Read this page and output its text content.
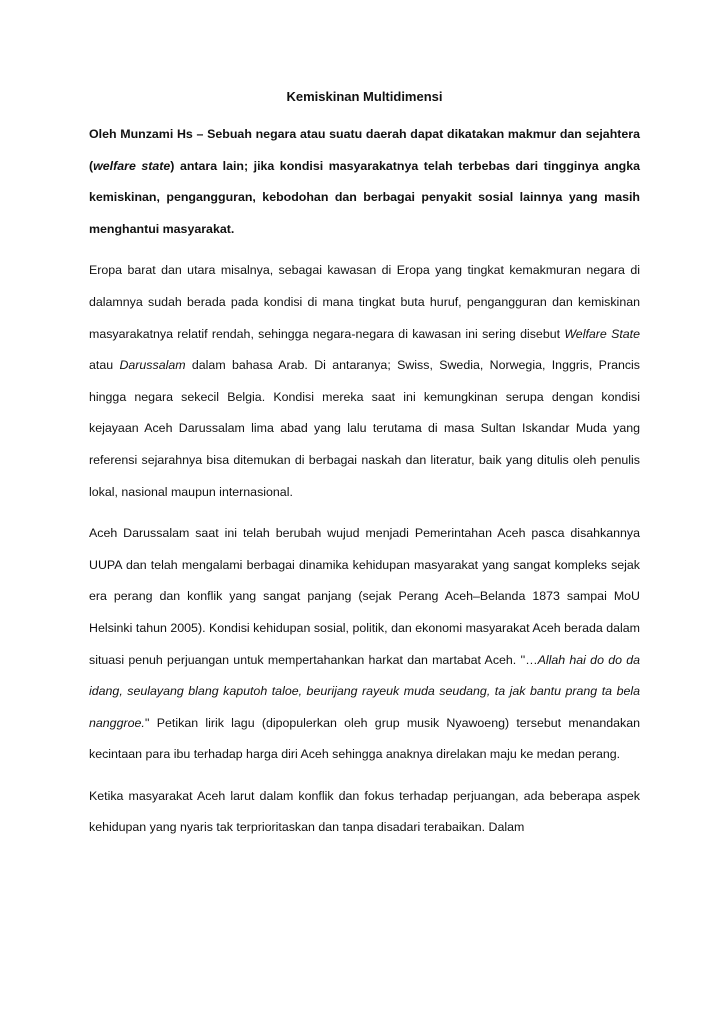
Kemiskinan Multidimensi

Oleh Munzami Hs – Sebuah negara atau suatu daerah dapat dikatakan makmur dan sejahtera (welfare state) antara lain; jika kondisi masyarakatnya telah terbebas dari tingginya angka kemiskinan, pengangguran, kebodohan dan berbagai penyakit sosial lainnya yang masih menghantui masyarakat.

Eropa barat dan utara misalnya, sebagai kawasan di Eropa yang tingkat kemakmuran negara di dalamnya sudah berada pada kondisi di mana tingkat buta huruf, pengangguran dan kemiskinan masyarakatnya relatif rendah, sehingga negara-negara di kawasan ini sering disebut Welfare State atau Darussalam dalam bahasa Arab. Di antaranya; Swiss, Swedia, Norwegia, Inggris, Prancis hingga negara sekecil Belgia. Kondisi mereka saat ini kemungkinan serupa dengan kondisi kejayaan Aceh Darussalam lima abad yang lalu terutama di masa Sultan Iskandar Muda yang referensi sejarahnya bisa ditemukan di berbagai naskah dan literatur, baik yang ditulis oleh penulis lokal, nasional maupun internasional.

Aceh Darussalam saat ini telah berubah wujud menjadi Pemerintahan Aceh pasca disahkannya UUPA dan telah mengalami berbagai dinamika kehidupan masyarakat yang sangat kompleks sejak era perang dan konflik yang sangat panjang (sejak Perang Aceh–Belanda 1873 sampai MoU Helsinki tahun 2005). Kondisi kehidupan sosial, politik, dan ekonomi masyarakat Aceh berada dalam situasi penuh perjuangan untuk mempertahankan harkat dan martabat Aceh. ''…Allah hai do do da idang, seulayang blang kaputoh taloe, beurijang rayeuk muda seudang, ta jak bantu prang ta bela nanggroe.'' Petikan lirik lagu (dipopulerkan oleh grup musik Nyawoeng) tersebut menandakan kecintaan para ibu terhadap harga diri Aceh sehingga anaknya direlakan maju ke medan perang.

Ketika masyarakat Aceh larut dalam konflik dan fokus terhadap perjuangan, ada beberapa aspek kehidupan yang nyaris tak terprioritaskan dan tanpa disadari terabaikan. Dalam
